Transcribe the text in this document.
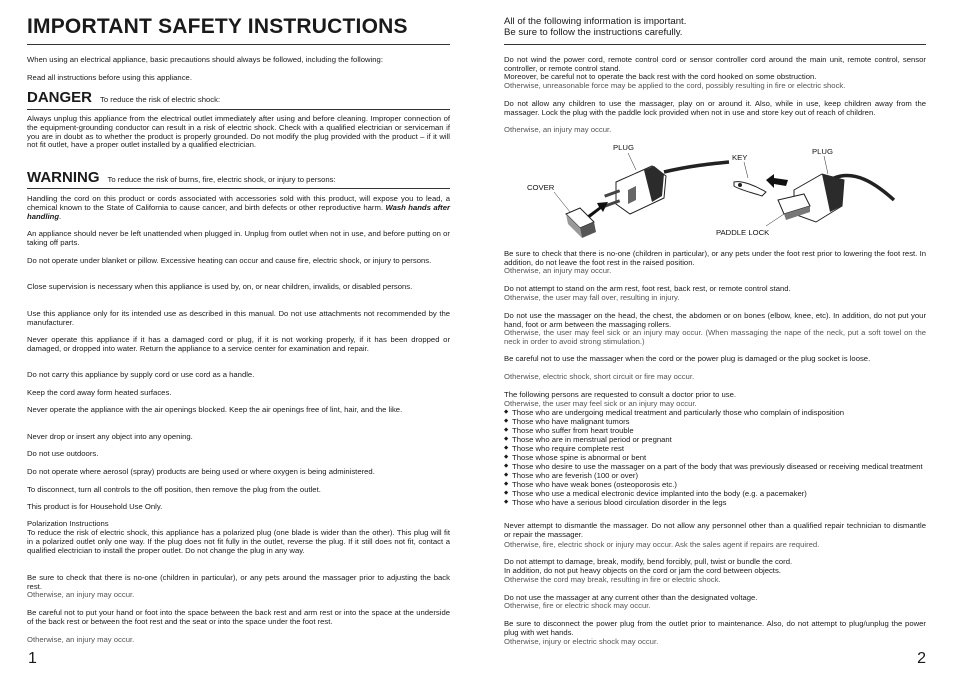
IMPORTANT SAFETY INSTRUCTIONS

When using an electrical appliance, basic precautions should always be followed, including the following:

Read all instructions before using this appliance.

DANGER To reduce the risk of electric shock:

Always unplug this appliance from the electrical outlet immediately after using and before cleaning. Improper connection of the equipment-grounding conductor can result in a risk of electric shock. Check with a qualified electrician or serviceman if you are in doubt as to whether the product is properly grounded. Do not modify the plug provided with the product – if it will not fit outlet, have a proper outlet installed by a qualified electrician.

WARNING To reduce the risk of burns, fire, electric shock, or injury to persons:

Handling the cord on this product or cords associated with accessories sold with this product, will expose you to lead, a chemical known to the State of California to cause cancer, and birth defects or other reproductive harm. Wash hands after handling.

An appliance should never be left unattended when plugged in. Unplug from outlet when not in use, and before putting on or taking off parts.

Do not operate under blanket or pillow. Excessive heating can occur and cause fire, electric shock, or injury to persons.

Close supervision is necessary when this appliance is used by, on, or near children, invalids, or disabled persons.

Use this appliance only for its intended use as described in this manual. Do not use attachments not recommended by the manufacturer.

Never operate this appliance if it has a damaged cord or plug, if it is not working properly, if it has been dropped or damaged, or dropped into water. Return the appliance to a service center for examination and repair.

Do not carry this appliance by supply cord or use cord as a handle.

Keep the cord away form heated surfaces.

Never operate the appliance with the air openings blocked. Keep the air openings free of lint, hair, and the like.

Never drop or insert any object into any opening.

Do not use outdoors.

Do not operate where aerosol (spray) products are being used or where oxygen is being administered.

To disconnect, turn all controls to the off position, then remove the plug from the outlet.

This product is for Household Use Only.

Polarization Instructions

To reduce the risk of electric shock, this appliance has a polarized plug (one blade is wider than the other). This plug will fit in a polarized outlet only one way. If the plug does not fit fully in the outlet, reverse the plug. If it still does not fit, contact a qualified electrician to install the proper outlet. Do not change the plug in any way.

Be sure to check that there is no-one (children in particular), or any pets around the massager prior to adjusting the back rest.

Otherwise, an injury may occur.

Be careful not to put your hand or foot into the space between the back rest and arm rest or into the space at the underside of the back rest or between the foot rest and the seat or into the space under the foot rest.

Otherwise, an injury may occur.

1
All of the following information is important.
Be sure to follow the instructions carefully.

Do not wind the power cord, remote control cord or sensor controller cord around the main unit, remote control, sensor controller, or remote control stand.

Moreover, be careful not to operate the back rest with the cord hooked on some obstruction.

Otherwise, unreasonable force may be applied to the cord, possibly resulting in fire or electric shock.

Do not allow any children to use the massager, play on or around it. Also, while in use, keep children away from the massager. Lock the plug with the paddle lock provided when not in use and store key out of reach of children.

Otherwise, an injury may occur.

PLUG
COVER
KEY
PLUG
PADDLE LOCK

Be sure to check that there is no-one (children in particular), or any pets under the foot rest prior to lowering the foot rest. In addition, do not leave the foot rest in the raised position.

Otherwise, an injury may occur.

Do not attempt to stand on the arm rest, foot rest, back rest, or remote control stand.

Otherwise, the user may fall over, resulting in injury.

Do not use the massager on the head, the chest, the abdomen or on bones (elbow, knee, etc). In addition, do not put your hand, foot or arm between the massaging rollers.

Otherwise, the user may feel sick or an injury may occur. (When massaging the nape of the neck, put a soft towel on the neck in order to avoid strong stimulation.)

Be careful not to use the massager when the cord or the power plug is damaged or the plug socket is loose.

Otherwise, electric shock, short circuit or fire may occur.

The following persons are requested to consult a doctor prior to use.

Otherwise, the user may feel sick or an injury may occur.

◆ Those who are undergoing medical treatment and particularly those who complain of indisposition
◆ Those who have malignant tumors
◆ Those who suffer from heart trouble
◆ Those who are in menstrual period or pregnant
◆ Those who require complete rest
◆ Those whose spine is abnormal or bent
◆ Those who desire to use the massager on a part of the body that was previously diseased or receiving medical treatment
◆ Those who are feverish (100 or over)
◆ Those who have weak bones (osteoporosis etc.)
◆ Those who use a medical electronic device implanted into the body (e.g. a pacemaker)
◆ Those who have a serious blood circulation disorder in the legs

Never attempt to dismantle the massager. Do not allow any personnel other than a qualified repair technician to dismantle or repair the massager.

Otherwise, fire, electric shock or injury may occur. Ask the sales agent if repairs are required.

Do not attempt to damage, break, modify, bend forcibly, pull, twist or bundle the cord.

In addition, do not put heavy objects on the cord or jam the cord between objects.

Otherwise the cord may break, resulting in fire or electric shock.

Do not use the massager at any current other than the designated voltage.

Otherwise, fire or electric shock may occur.

Be sure to disconnect the power plug from the outlet prior to maintenance. Also, do not attempt to plug/unplug the power plug with wet hands.

Otherwise, injury or electric shock may occur.

2
